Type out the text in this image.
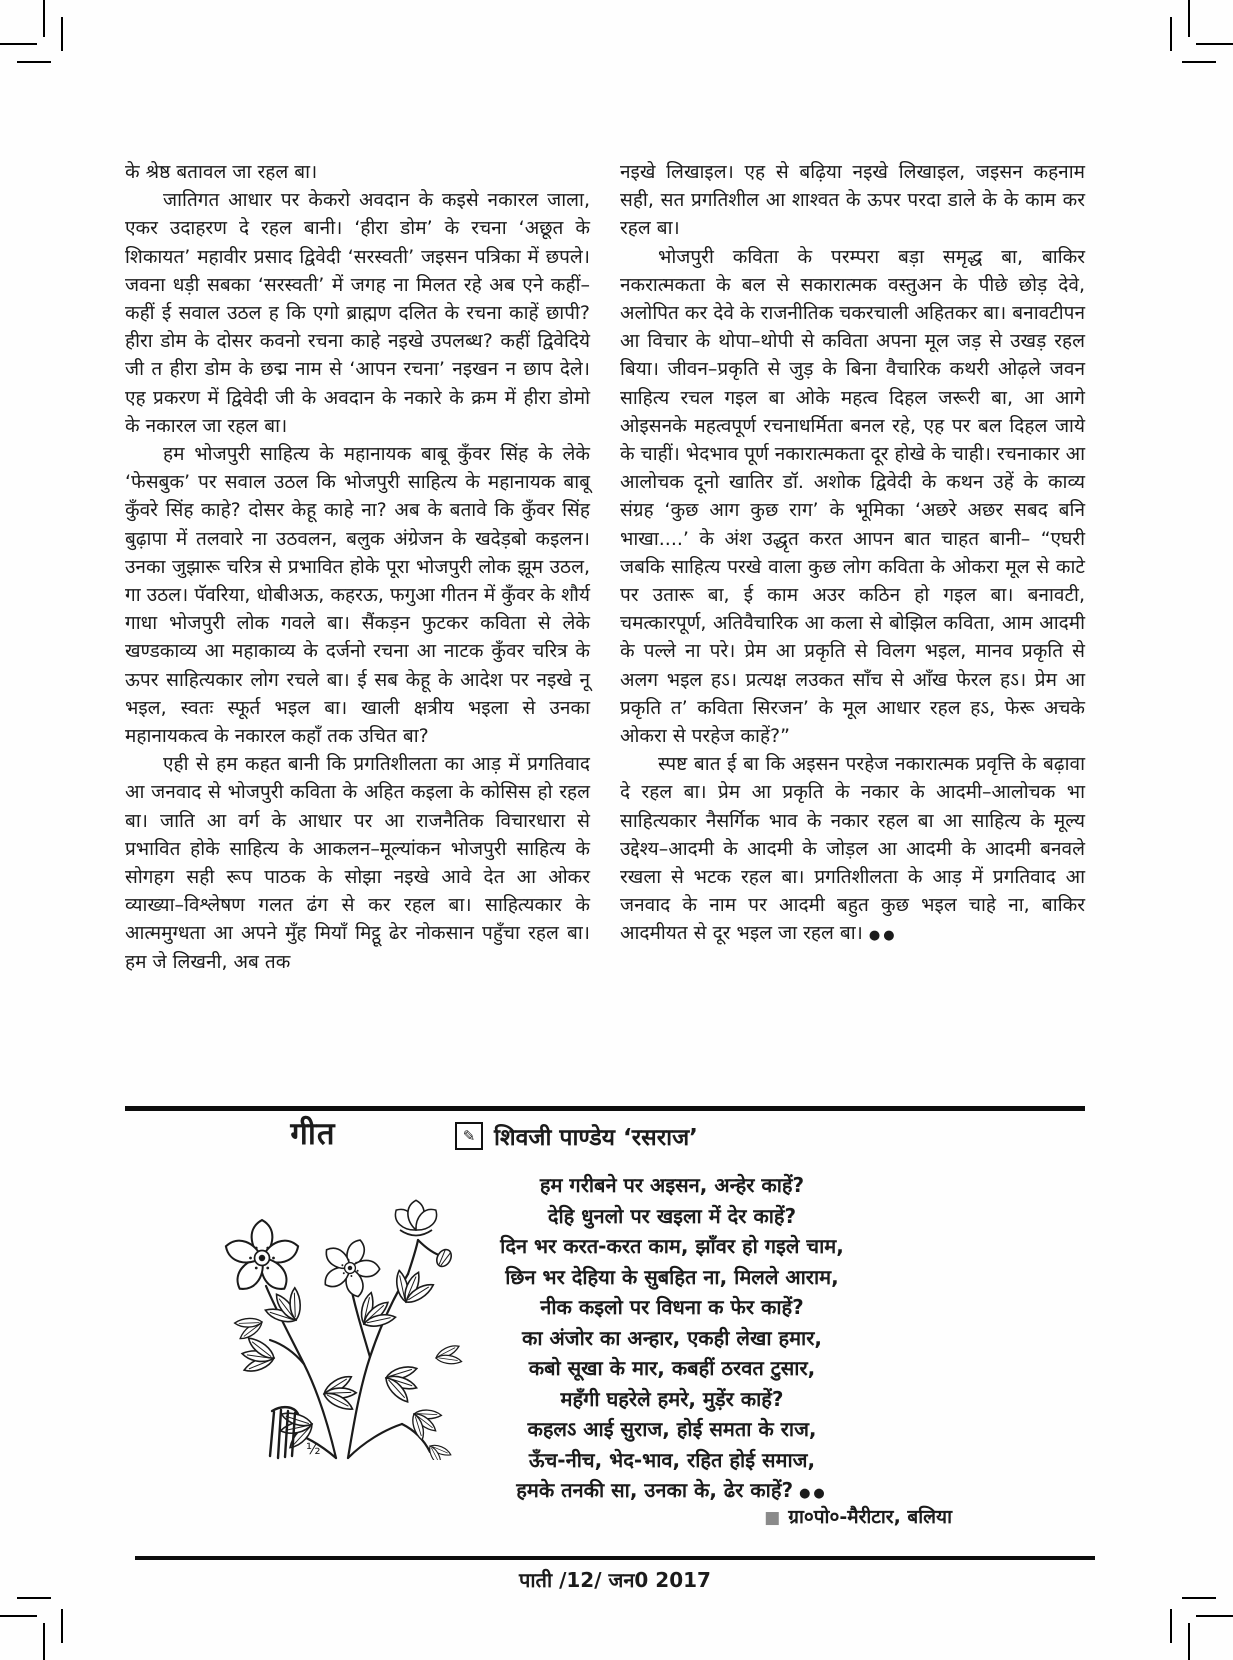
के श्रेष्ठ बतावल जा रहल बा।

जातिगत आधार पर केकरो अवदान के कइसे नकारल जाला, एकर उदाहरण दे रहल बानी। ‘हीरा डोम’ के रचना ‘अछूत के शिकायत’ महावीर प्रसाद द्विवेदी ‘सरस्वती’ जइसन पत्रिका में छपले। जवना धड़ी सबका ‘सरस्वती’ में जगह ना मिलत रहे अब एने कहीं–कहीं ई सवाल उठल ह कि एगो ब्राह्मण दलित के रचना काहें छापी? हीरा डोम के दोसर कवनो रचना काहे नइखे उपलब्ध? कहीं द्विवेदिये जी त हीरा डोम के छद्म नाम से ‘आपन रचना’ नइखन न छाप देले। एह प्रकरण में द्विवेदी जी के अवदान के नकारे के क्रम में हीरा डोमो के नकारल जा रहल बा।

हम भोजपुरी साहित्य के महानायक बाबू कुँवर सिंह के लेके ‘फेसबुक’ पर सवाल उठल कि भोजपुरी साहित्य के महानायक बाबू कुँवरे सिंह काहे? दोसर केहू काहे ना? अब के बतावे कि कुँवर सिंह बुढ़ापा में तलवारे ना उठवलन, बलुक अंग्रेजन के खदेड़बो कइलन। उनका जुझारू चरित्र से प्रभावित होके पूरा भोजपुरी लोक झूम उठल, गा उठल। पॅवरिया, धोबीअऊ, कहरऊ, फगुआ गीतन में कुँवर के शौर्य गाधा भोजपुरी लोक गवले बा। सैंकड़न फुटकर कविता से लेके खण्डकाव्य आ महाकाव्य के दर्जनो रचना आ नाटक कुँवर चरित्र के ऊपर साहित्यकार लोग रचले बा। ई सब केहू के आदेश पर नइखे नू भइल, स्वतः स्फूर्त भइल बा। खाली क्षत्रीय भइला से उनका महानायकत्व के नकारल कहाँ तक उचित बा?

एही से हम कहत बानी कि प्रगतिशीलता का आड़ में प्रगतिवाद आ जनवाद से भोजपुरी कविता के अहित कइला के कोसिस हो रहल बा। जाति आ वर्ग के आधार पर आ राजनैतिक विचारधारा से प्रभावित होके साहित्य के आकलन–मूल्यांकन भोजपुरी साहित्य के सोगहग सही रूप पाठक के सोझा नइखे आवे देत आ ओकर व्याख्या–विश्लेषण गलत ढंग से कर रहल बा। साहित्यकार के आत्ममुग्धता आ अपने मुँह मियाँ मिट्ठू ढेर नोकसान पहुँचा रहल बा। हम जे लिखनी, अब तक

नइखे लिखाइल। एह से बढ़िया नइखे लिखाइल, जइसन कहनाम सही, सत प्रगतिशील आ शाश्वत के ऊपर परदा डाले के के काम कर रहल बा।

भोजपुरी कविता के परम्परा बड़ा समृद्ध बा, बाकिर नकरात्मकता के बल से सकारात्मक वस्तुअन के पीछे छोड़ देवे, अलोपित कर देवे के राजनीतिक चकरचाली अहितकर बा। बनावटीपन आ विचार के थोपा–थोपी से कविता अपना मूल जड़ से उखड़ रहल बिया। जीवन–प्रकृति से जुड़ के बिना वैचारिक कथरी ओढ़ले जवन साहित्य रचल गइल बा ओके महत्व दिहल जरूरी बा, आ आगे ओइसनके महत्वपूर्ण रचनाधर्मिता बनल रहे, एह पर बल दिहल जाये के चाहीं। भेदभाव पूर्ण नकारात्मकता दूर होखे के चाही। रचनाकार आ आलोचक दूनो खातिर डॉ. अशोक द्विवेदी के कथन उहें के काव्य संग्रह ‘कुछ आग कुछ राग’ के भूमिका ‘अछरे अछर सबद बनि भाखा....’ के अंश उद्धृत करत आपन बात चाहत बानी– “एघरी जबकि साहित्य परखे वाला कुछ लोग कविता के ओकरा मूल से काटे पर उतारू बा, ई काम अउर कठिन हो गइल बा। बनावटी, चमत्कारपूर्ण, अतिवैचारिक आ कला से बोझिल कविता, आम आदमी के पल्ले ना परे। प्रेम आ प्रकृति से विलग भइल, मानव प्रकृति से अलग भइल हऽ। प्रत्यक्ष लउकत साँच से आँख फेरल हऽ। प्रेम आ प्रकृति त’ कविता सिरजन’ के मूल आधार रहल हऽ, फेरू अचके ओकरा से परहेज काहें?”

स्पष्ट बात ई बा कि अइसन परहेज नकारात्मक प्रवृत्ति के बढ़ावा दे रहल बा। प्रेम आ प्रकृति के नकार के आदमी–आलोचक भा साहित्यकार नैसर्गिक भाव के नकार रहल बा आ साहित्य के मूल्य उद्देश्य–आदमी के आदमी के जोड़ल आ आदमी के आदमी बनवले रखला से भटक रहल बा। प्रगतिशीलता के आड़ में प्रगतिवाद आ जनवाद के नाम पर आदमी बहुत कुछ भइल चाहे ना, बाकिर आदमीयत से दूर भइल जा रहल बा। ●●

गीत	✎ शिवजी पाण्डेय ‘रसराज’
½
हम गरीबने पर अइसन, अन्हेर काहें?
देहि धुनलो पर खइला में देर काहें?
दिन भर करत-करत काम, झाँवर हो गइले चाम,
छिन भर देहिया के सुबहित ना, मिलले आराम,
नीक कइलो पर विधना क फेर काहें?
का अंजोर का अन्हार, एकही लेखा हमार,
कबो सूखा के मार, कबहीं ठरवत टुसार,
महँगी घहरेले हमरे, मुड़ेंर काहें?
कहलऽ आई सुराज, होई समता के राज,
ऊँच-नीच, भेद-भाव, रहित होई समाज,
हमके तनकी सा, उनका के, ढेर काहें? ●●
■ ग्रा०पो०-मैरीटार, बलिया
पाती /12/ जन0 2017
